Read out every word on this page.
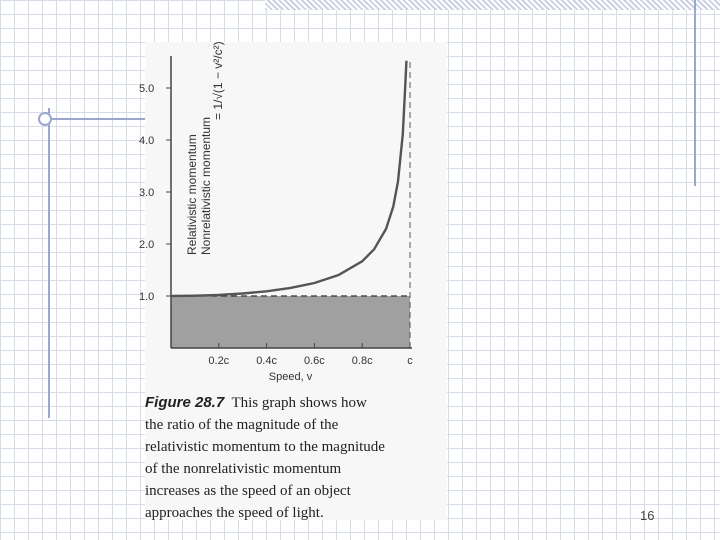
0.2c 0.4c 0.6c 0.8c	c
1.0
2.0
3.0
4.0
5.0
Speed, v
Relativistic momentum Nonrelativistic momentum
= 1/√(1 − v²/c²)

Figure 28.7 This graph shows how
the ratio of the magnitude of the
relativistic momentum to the magnitude
of the nonrelativistic momentum
increases as the speed of an object
approaches the speed of light.	16
